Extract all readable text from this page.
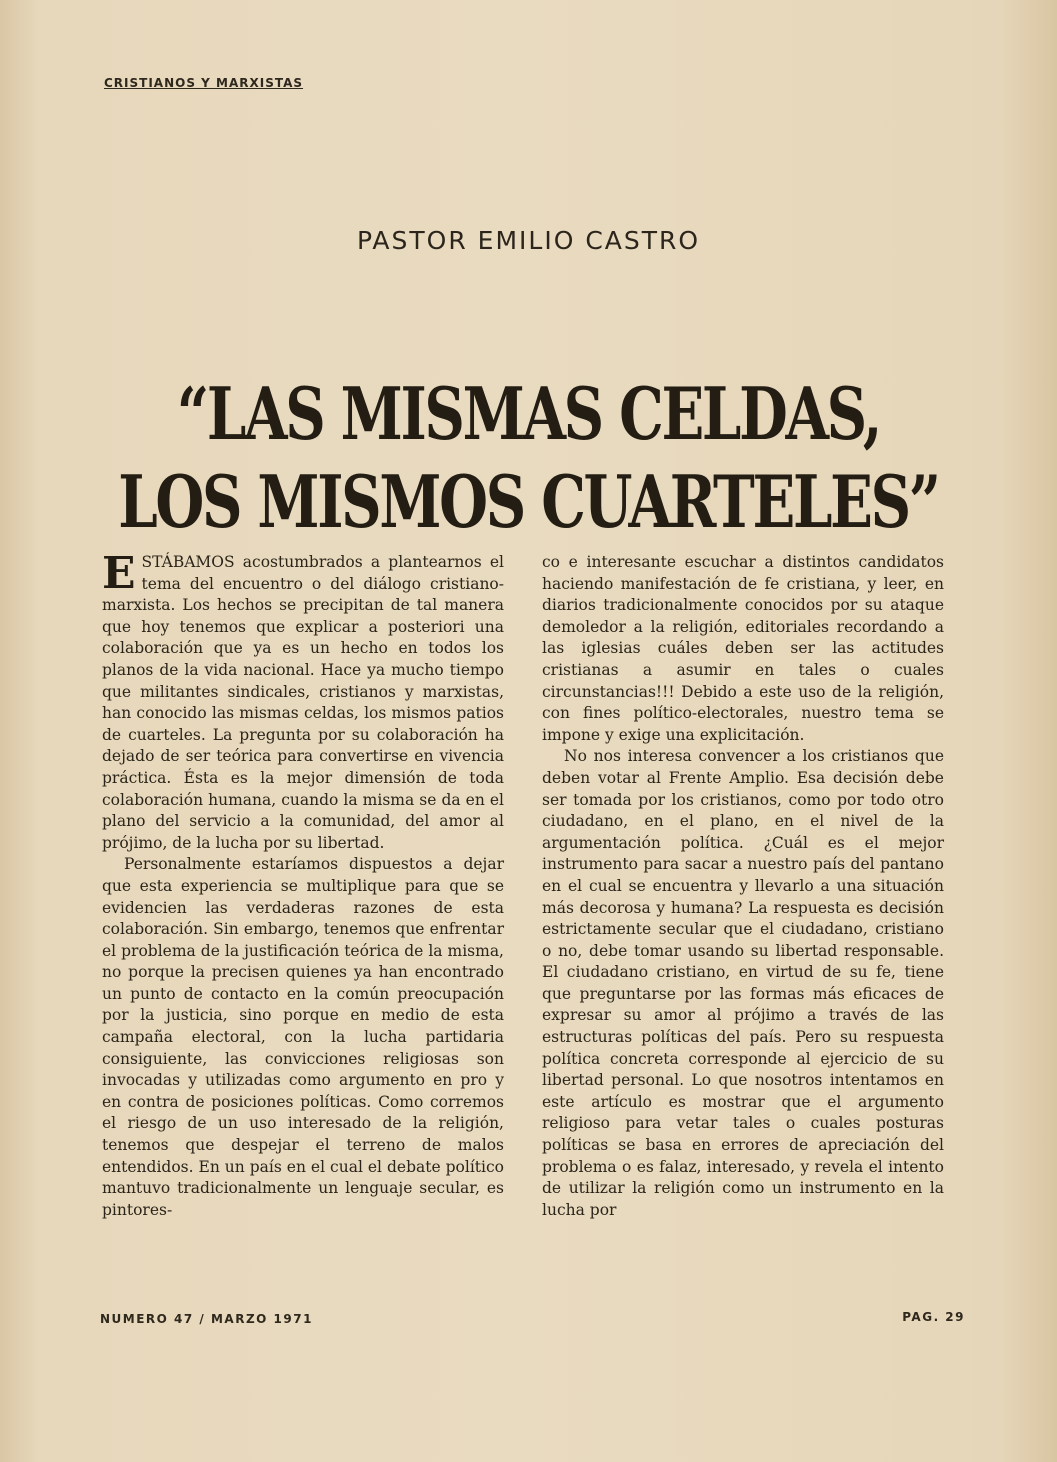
CRISTIANOS Y MARXISTAS
PASTOR EMILIO CASTRO
“LAS MISMAS CELDAS,
LOS MISMOS CUARTELES”

ESTÁBAMOS acostumbrados a plantearnos el tema del encuentro o del diálogo cristiano-marxista. Los hechos se precipitan de tal manera que hoy tenemos que explicar a posteriori una colaboración que ya es un hecho en todos los planos de la vida nacional. Hace ya mucho tiempo que militantes sindicales, cristianos y marxistas, han conocido las mismas celdas, los mismos patios de cuarteles. La pregunta por su colaboración ha dejado de ser teórica para convertirse en vivencia práctica. Ésta es la mejor dimensión de toda colaboración humana, cuando la misma se da en el plano del servicio a la comunidad, del amor al prójimo, de la lucha por su libertad.

Personalmente estaríamos dispuestos a dejar que esta experiencia se multiplique para que se evidencien las verdaderas razones de esta colaboración. Sin embargo, tenemos que enfrentar el problema de la justificación teórica de la misma, no porque la precisen quienes ya han encontrado un punto de contacto en la común preocupación por la justicia, sino porque en medio de esta campaña electoral, con la lucha partidaria consiguiente, las convicciones religiosas son invocadas y utilizadas como argumento en pro y en contra de posiciones políticas. Como corremos el riesgo de un uso interesado de la religión, tenemos que despejar el terreno de malos entendidos. En un país en el cual el debate político mantuvo tradicionalmente un lenguaje secular, es pintores-

co e interesante escuchar a distintos candidatos haciendo manifestación de fe cristiana, y leer, en diarios tradicionalmente conocidos por su ataque demoledor a la religión, editoriales recordando a las iglesias cuáles deben ser las actitudes cristianas a asumir en tales o cuales circunstancias!!! Debido a este uso de la religión, con fines político-electorales, nuestro tema se impone y exige una explicitación.

No nos interesa convencer a los cristianos que deben votar al Frente Amplio. Esa decisión debe ser tomada por los cristianos, como por todo otro ciudadano, en el plano, en el nivel de la argumentación política. ¿Cuál es el mejor instrumento para sacar a nuestro país del pantano en el cual se encuentra y llevarlo a una situación más decorosa y humana? La respuesta es decisión estrictamente secular que el ciudadano, cristiano o no, debe tomar usando su libertad responsable. El ciudadano cristiano, en virtud de su fe, tiene que preguntarse por las formas más eficaces de expresar su amor al prójimo a través de las estructuras políticas del país. Pero su respuesta política concreta corresponde al ejercicio de su libertad personal. Lo que nosotros intentamos en este artículo es mostrar que el argumento religioso para vetar tales o cuales posturas políticas se basa en errores de apreciación del problema o es falaz, interesado, y revela el intento de utilizar la religión como un instrumento en la lucha por

NUMERO 47 / MARZO 1971	PAG. 29
